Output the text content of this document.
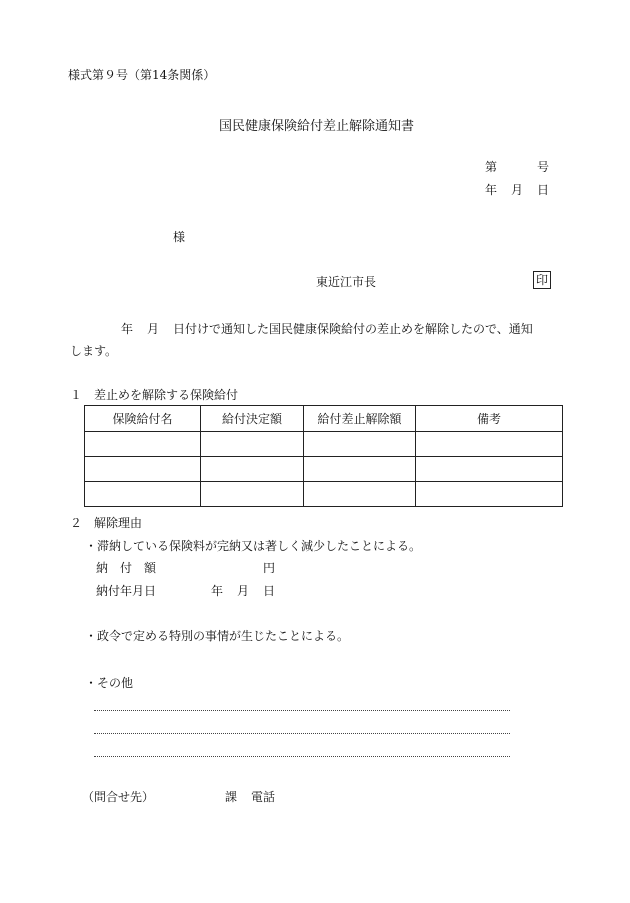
様式第９号（第14条関係）
国民健康保険給付差止解除通知書
第	号
年 月 日
様
東近江市長	印
年 月 日付けで通知した国民健康保険給付の差止めを解除したので、通知
します。
１　差止めを解除する保険給付
保険給付名	給付決定額	給付差止解除額	備考

２　解除理由
・滞納している保険料が完納又は著しく減少したことによる。
納　付　額	円
納付年月日	年 月 日
・政令で定める特別の事情が生じたことによる。
・その他
（問合せ先）	課 電話
